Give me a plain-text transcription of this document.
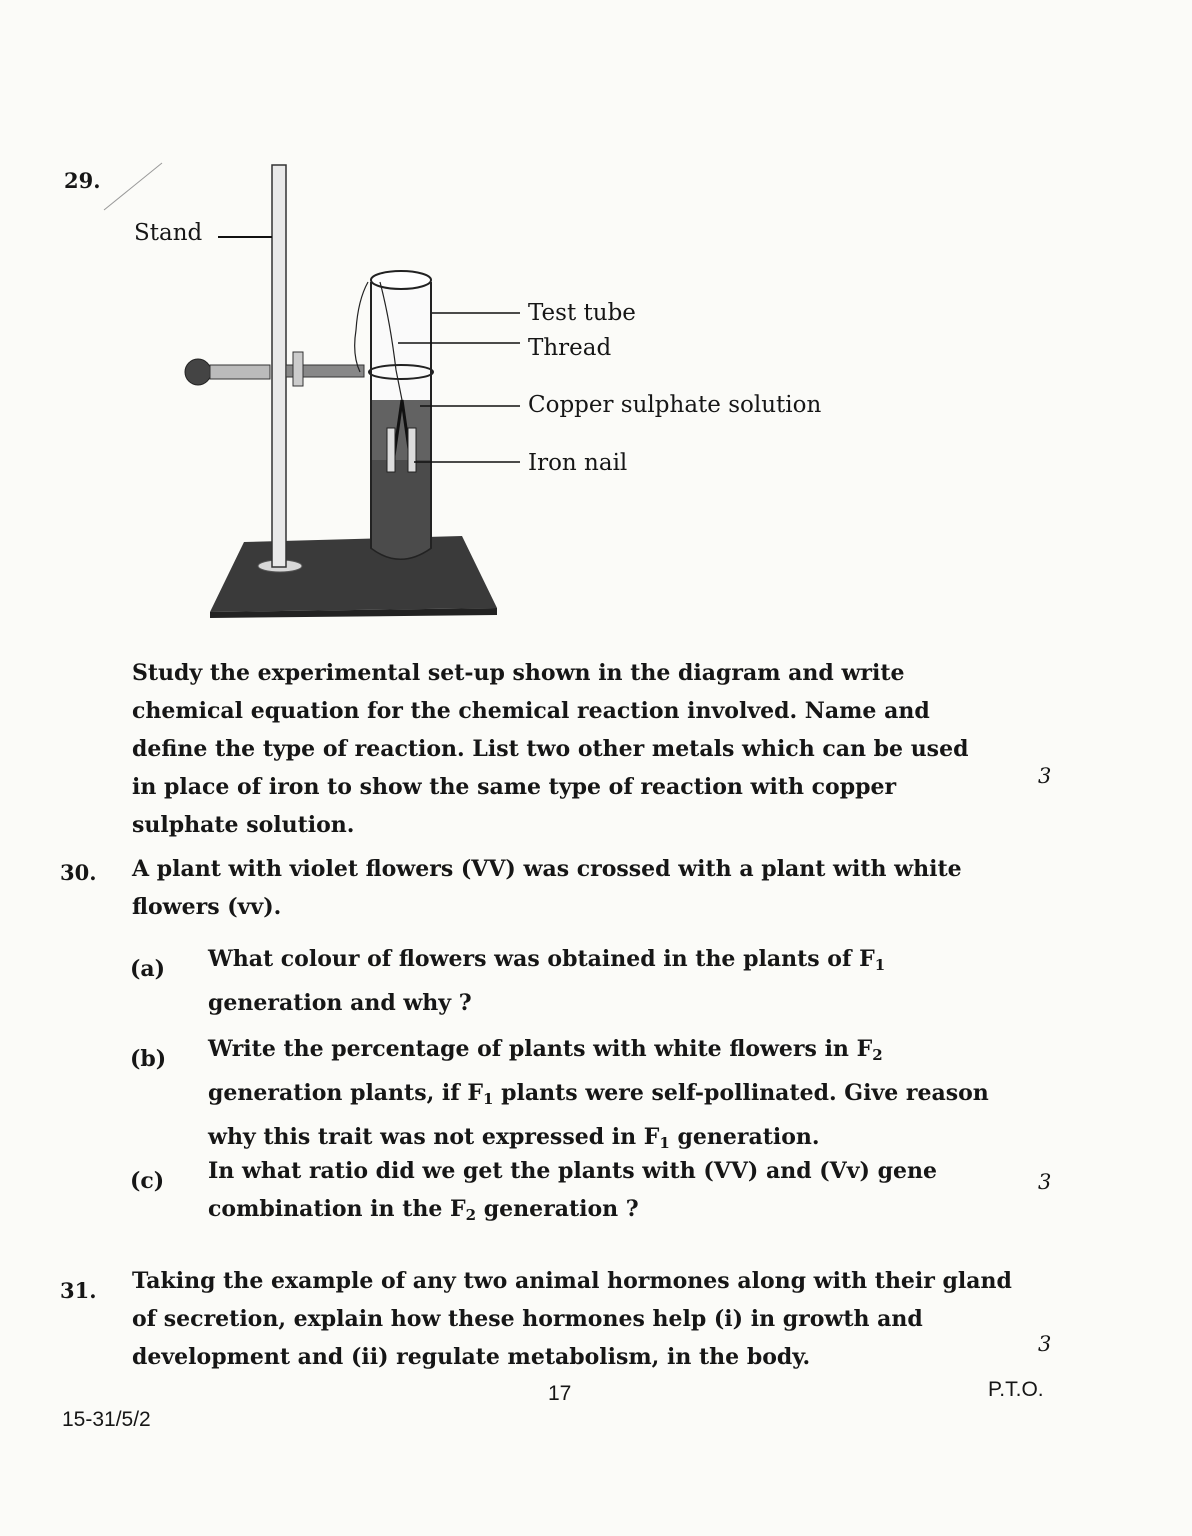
29.
Stand
Test tube
Thread
Copper sulphate solution
Iron nail
Study the experimental set-up shown in the diagram and write chemical equation for the chemical reaction involved. Name and define the type of reaction. List two other metals which can be used in place of iron to show the same type of reaction with copper sulphate solution.
3
30. A plant with violet flowers (VV) was crossed with a plant with white flowers (vv).
(a) What colour of flowers was obtained in the plants of $F_1$ generation and why ?
(b) Write the percentage of plants with white flowers in $F_2$ generation plants, if $F_1$ plants were self-pollinated. Give reason why this trait was not expressed in $F_1$ generation.
(c) In what ratio did we get the plants with (VV) and (Vv) gene combination in the $F_2$ generation ?
3
31. Taking the example of any two animal hormones along with their gland of secretion, explain how these hormones help (i) in growth and development and (ii) regulate metabolism, in the body.	3
17	P.T.O.
15-31/5/2
